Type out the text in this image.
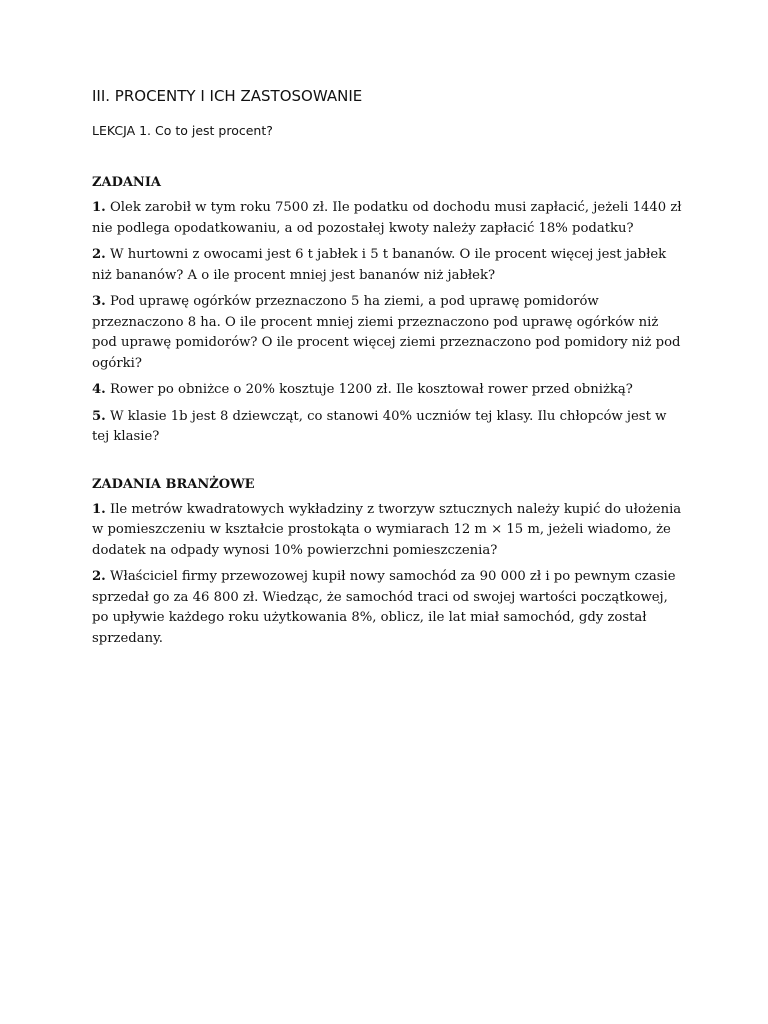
III. PROCENTY I ICH ZASTOSOWANIE

LEKCJA 1. Co to jest procent?

ZADANIA

1. Olek zarobił w tym roku 7500 zł. Ile podatku od dochodu musi zapłacić, jeżeli 1440 zł nie podlega opodatkowaniu, a od pozostałej kwoty należy zapłacić 18% podatku?

2. W hurtowni z owocami jest 6 t jabłek i 5 t bananów. O ile procent więcej jest jabłek niż bananów? A o ile procent mniej jest bananów niż jabłek?

3. Pod uprawę ogórków przeznaczono 5 ha ziemi, a pod uprawę pomidorów przeznaczono 8 ha. O ile procent mniej ziemi przeznaczono pod uprawę ogórków niż pod uprawę pomidorów? O ile procent więcej ziemi przeznaczono pod pomidory niż pod ogórki?

4. Rower po obniżce o 20% kosztuje 1200 zł. Ile kosztował rower przed obniżką?

5. W klasie 1b jest 8 dziewcząt, co stanowi 40% uczniów tej klasy. Ilu chłopców jest w tej klasie?

ZADANIA BRANŻOWE

1. Ile metrów kwadratowych wykładziny z tworzyw sztucznych należy kupić do ułożenia w pomieszczeniu w kształcie prostokąta o wymiarach 12 m × 15 m, jeżeli wiadomo, że dodatek na odpady wynosi 10% powierzchni pomieszczenia?

2. Właściciel firmy przewozowej kupił nowy samochód za 90 000 zł i po pewnym czasie sprzedał go za 46 800 zł. Wiedząc, że samochód traci od swojej wartości początkowej, po upływie każdego roku użytkowania 8%, oblicz, ile lat miał samochód, gdy został sprzedany.
